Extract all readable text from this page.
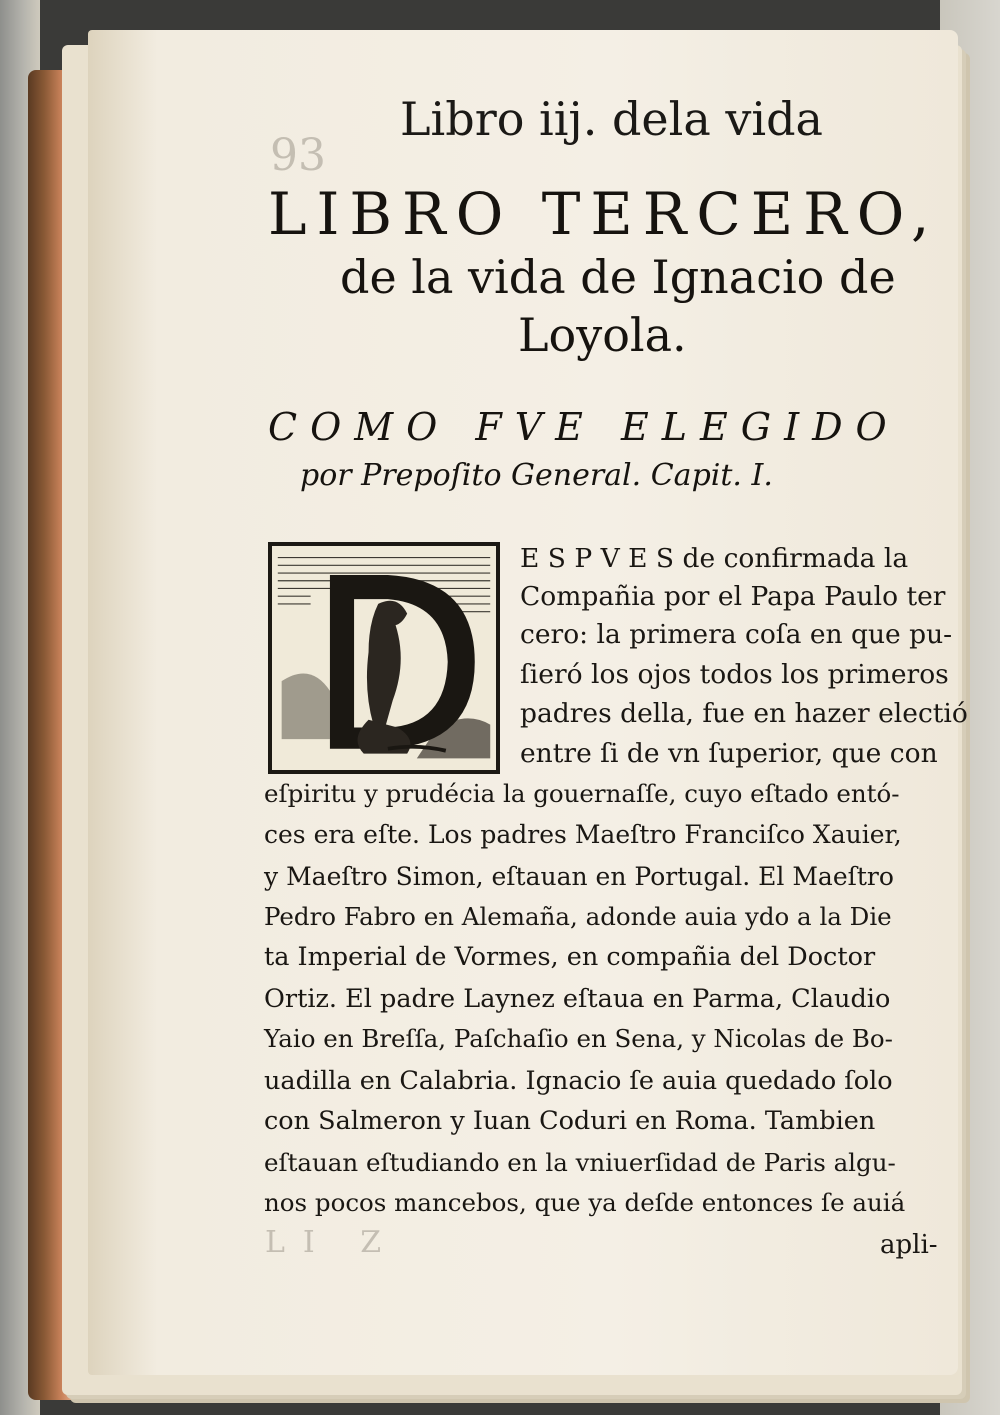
93
LI Z
Libro iij. dela vida
LIBRO TERCERO,
de la vida de Ignacio de
Loyola.
COMO FVE ELEGIDO
por Prepoſito General. Capit. I.
E S P V E S de confirmada la
Compañia por el Papa Paulo ter
cero: la primera coſa en que pu-
ſieró los ojos todos los primeros
padres della, fue en hazer electió
entre ſi de vn ſuperior, que con
eſpiritu y prudécia la gouernaſſe, cuyo eſtado entó-
ces era eſte. Los padres Maeſtro Franciſco Xauier,
y Maeſtro Simon, eſtauan en Portugal. El Maeſtro
Pedro Fabro en Alemaña, adonde auia ydo a la Die
ta Imperial de Vormes, en compañia del Doctor
Ortiz. El padre Laynez eſtaua en Parma, Claudio
Yaio en Breſſa, Paſchaſio en Sena, y Nicolas de Bo-
uadilla en Calabria. Ignacio ſe auia quedado ſolo
con Salmeron y Iuan Coduri en Roma. Tambien
eſtauan eſtudiando en la vniuerſidad de Paris algu-
nos pocos mancebos, que ya deſde entonces ſe auiá
apli-
